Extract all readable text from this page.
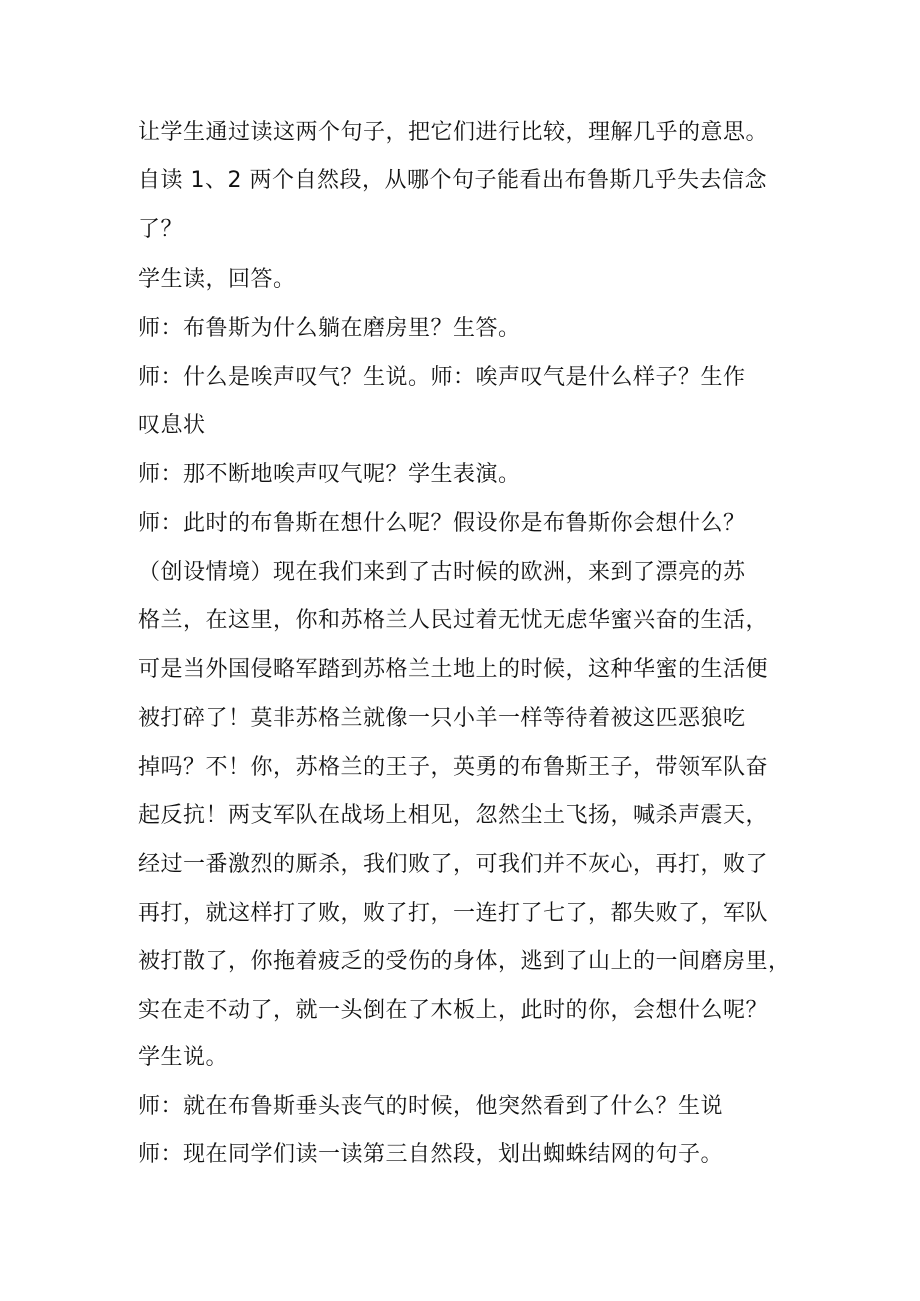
让学生通过读这两个句子，把它们进行比较，理解几乎的意思。
自读 1、2 两个自然段，从哪个句子能看出布鲁斯几乎失去信念
了？
学生读，回答。
师：布鲁斯为什么躺在磨房里？生答。
师：什么是唉声叹气？生说。师：唉声叹气是什么样子？生作
叹息状
师：那不断地唉声叹气呢？学生表演。
师：此时的布鲁斯在想什么呢？假设你是布鲁斯你会想什么？
（创设情境）现在我们来到了古时候的欧洲，来到了漂亮的苏
格兰，在这里，你和苏格兰人民过着无忧无虑华蜜兴奋的生活，
可是当外国侵略军踏到苏格兰土地上的时候，这种华蜜的生活便
被打碎了！莫非苏格兰就像一只小羊一样等待着被这匹恶狼吃
掉吗？不！你，苏格兰的王子，英勇的布鲁斯王子，带领军队奋
起反抗！两支军队在战场上相见，忽然尘土飞扬，喊杀声震天，
经过一番激烈的厮杀，我们败了，可我们并不灰心，再打，败了
再打，就这样打了败，败了打，一连打了七了，都失败了，军队
被打散了，你拖着疲乏的受伤的身体，逃到了山上的一间磨房里，
实在走不动了，就一头倒在了木板上，此时的你，会想什么呢？
学生说。
师：就在布鲁斯垂头丧气的时候，他突然看到了什么？生说
师：现在同学们读一读第三自然段，划出蜘蛛结网的句子。
